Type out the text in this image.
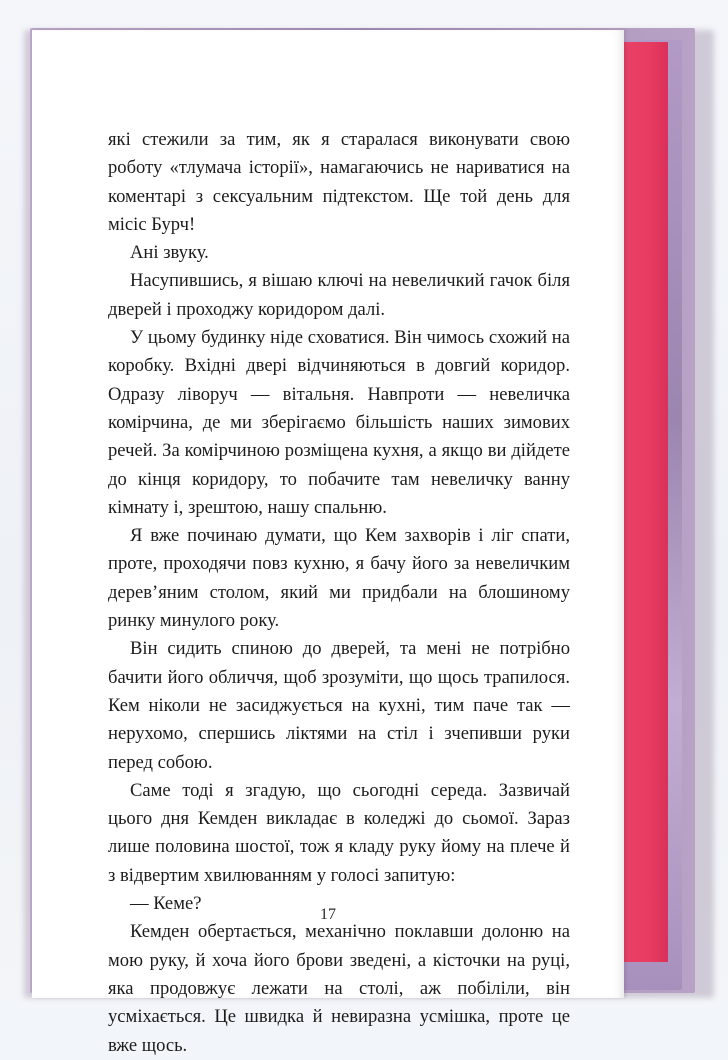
які стежили за тим, як я старалася виконувати свою роботу «тлумача історії», намагаючись не нариватися на коментарі з сексуальним підтекстом. Ще той день для місіс Бурч!

Ані звуку.

Насупившись, я вішаю ключі на невеличкий гачок біля дверей і проходжу коридором далі.

У цьому будинку ніде сховатися. Він чимось схожий на коробку. Вхідні двері відчиняються в довгий коридор. Одразу ліворуч — вітальня. Навпроти — невеличка комірчина, де ми зберігаємо більшість наших зимових речей. За комірчиною розміщена кухня, а якщо ви дійдете до кінця коридору, то побачите там невеличку ванну кімнату і, зрештою, нашу спальню.

Я вже починаю думати, що Кем захворів і ліг спати, проте, проходячи повз кухню, я бачу його за невеличким дерев’яним столом, який ми придбали на блошиному ринку минулого року.

Він сидить спиною до дверей, та мені не потрібно бачити його обличчя, щоб зрозуміти, що щось трапилося. Кем ніколи не засиджується на кухні, тим паче так — нерухомо, спершись ліктями на стіл і зчепивши руки перед собою.

Саме тоді я згадую, що сьогодні середа. Зазвичай цього дня Кемден викладає в коледжі до сьомої. Зараз лише половина шостої, тож я кладу руку йому на плече й з відвертим хвилюванням у голосі запитую:

— Кеме?

Кемден обертається, механічно поклавши долоню на мою руку, й хоча його брови зведені, а кісточки на руці, яка продовжує лежати на столі, аж побіліли, він усміхається. Це швидка й невиразна усмішка, проте це вже щось.

17
